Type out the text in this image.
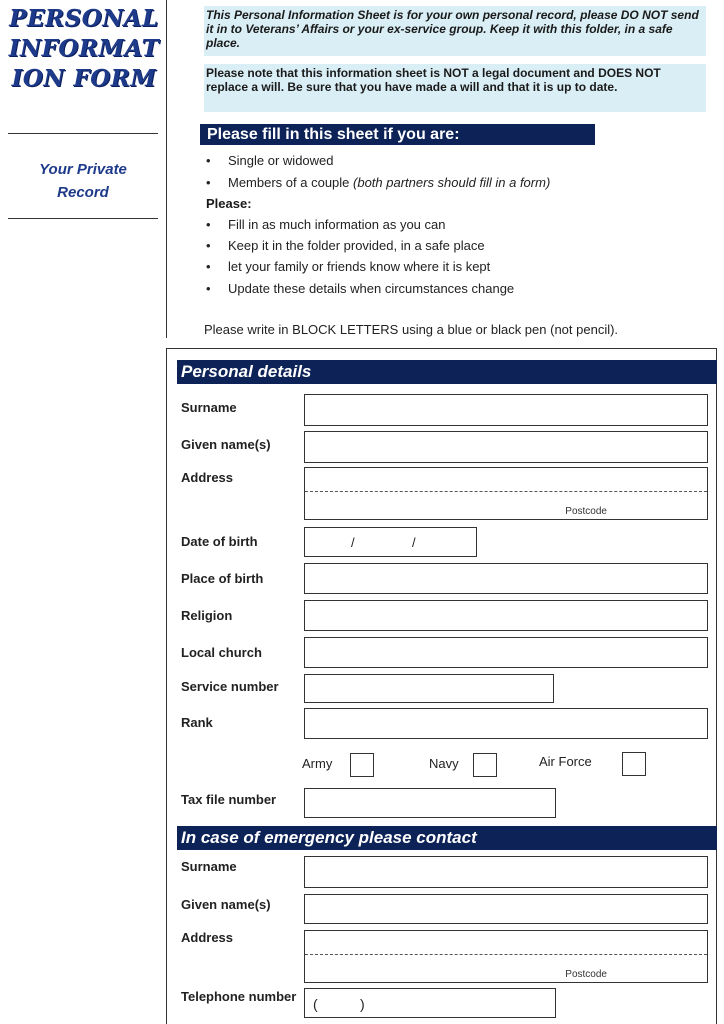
PERSONAL
INFORMAT
ION FORM
Your Private
Record
This Personal Information Sheet is for your own personal record, please DO NOT send it in to Veterans’ Affairs or your ex-service group. Keep it with this folder, in a safe place.
Please note that this information sheet is NOT a legal document and DOES NOT replace a will. Be sure that you have made a will and that it is up to date.
Please fill in this sheet if you are:
• Single or widowed
• Members of a couple (both partners should fill in a form)
Please:
• Fill in as much information as you can
• Keep it in the folder provided, in a safe place
• let your family or friends know where it is kept
• Update these details when circumstances change
Please write in BLOCK LETTERS using a blue or black pen (not pencil).
Personal details
Surname
Given name(s)
Address
Postcode
Date of birth	/	/
Place of birth
Religion
Local church
Service number
Rank
Army	Navy	Air Force
Tax file number
In case of emergency please contact
Surname
Given name(s)
Address
Postcode
Telephone number (	)
